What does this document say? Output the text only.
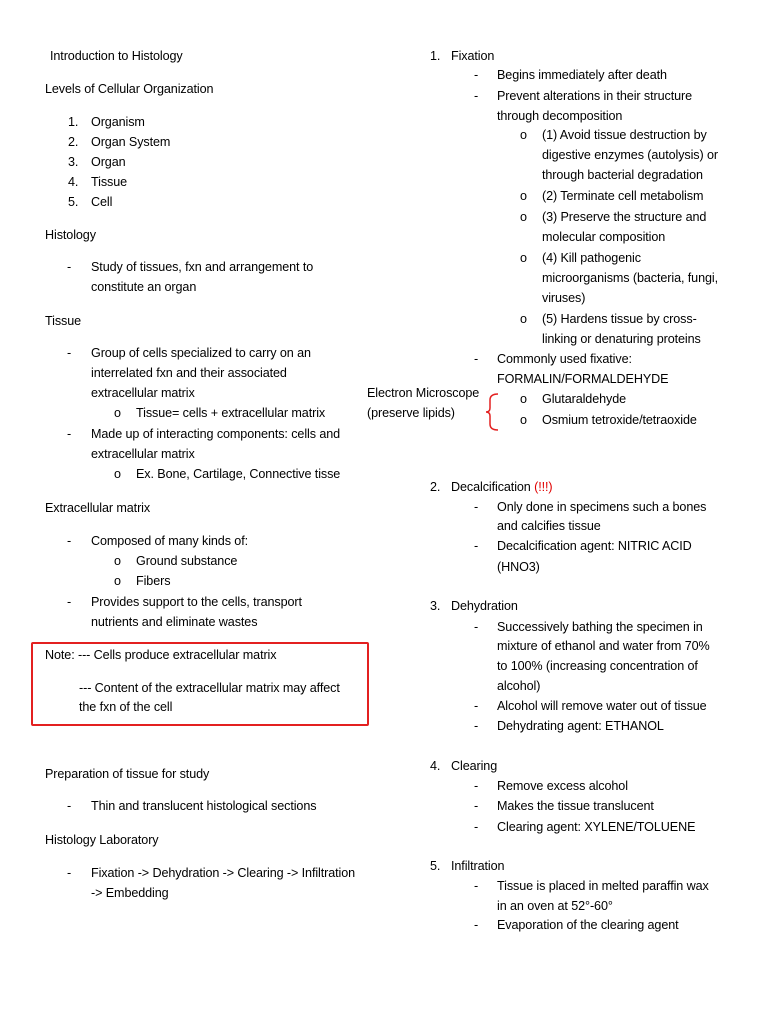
Introduction to Histology
Levels of Cellular Organization
1. Organism
2. Organ System
3. Organ
4. Tissue
5. Cell
Histology
- Study of tissues, fxn and arrangement to
constitute an organ
Tissue
- Group of cells specialized to carry on an
interrelated fxn and their associated
extracellular matrix
o Tissue= cells + extracellular matrix
- Made up of interacting components: cells and
extracellular matrix
o Ex. Bone, Cartilage, Connective tisse
Extracellular matrix
- Composed of many kinds of:
o Ground substance
o Fibers
- Provides support to the cells, transport
nutrients and eliminate wastes
Note: --- Cells produce extracellular matrix
--- Content of the extracellular matrix may affect
the fxn of the cell
Preparation of tissue for study
- Thin and translucent histological sections
Histology Laboratory
- Fixation -> Dehydration -> Clearing -> Infiltration
-> Embedding
1. Fixation
- Begins immediately after death
- Prevent alterations in their structure
through decomposition
o (1) Avoid tissue destruction by
digestive enzymes (autolysis) or
through bacterial degradation
o (2) Terminate cell metabolism
o (3) Preserve the structure and
molecular composition
o (4) Kill pathogenic
microorganisms (bacteria, fungi,
viruses)
o (5) Hardens tissue by cross-
linking or denaturing proteins
- Commonly used fixative:
FORMALIN/FORMALDEHYDE
Electron Microscope
(preserve lipids)
o Glutaraldehyde
o Osmium tetroxide/tetraoxide
2. Decalcification (!!!)
- Only done in specimens such a bones
and calcifies tissue
- Decalcification agent: NITRIC ACID
(HNO3)
3. Dehydration
- Successively bathing the specimen in
mixture of ethanol and water from 70%
to 100% (increasing concentration of
alcohol)
- Alcohol will remove water out of tissue
- Dehydrating agent: ETHANOL
4. Clearing
- Remove excess alcohol
- Makes the tissue translucent
- Clearing agent: XYLENE/TOLUENE
5. Infiltration
- Tissue is placed in melted paraffin wax
in an oven at 52°-60°
- Evaporation of the clearing agent
